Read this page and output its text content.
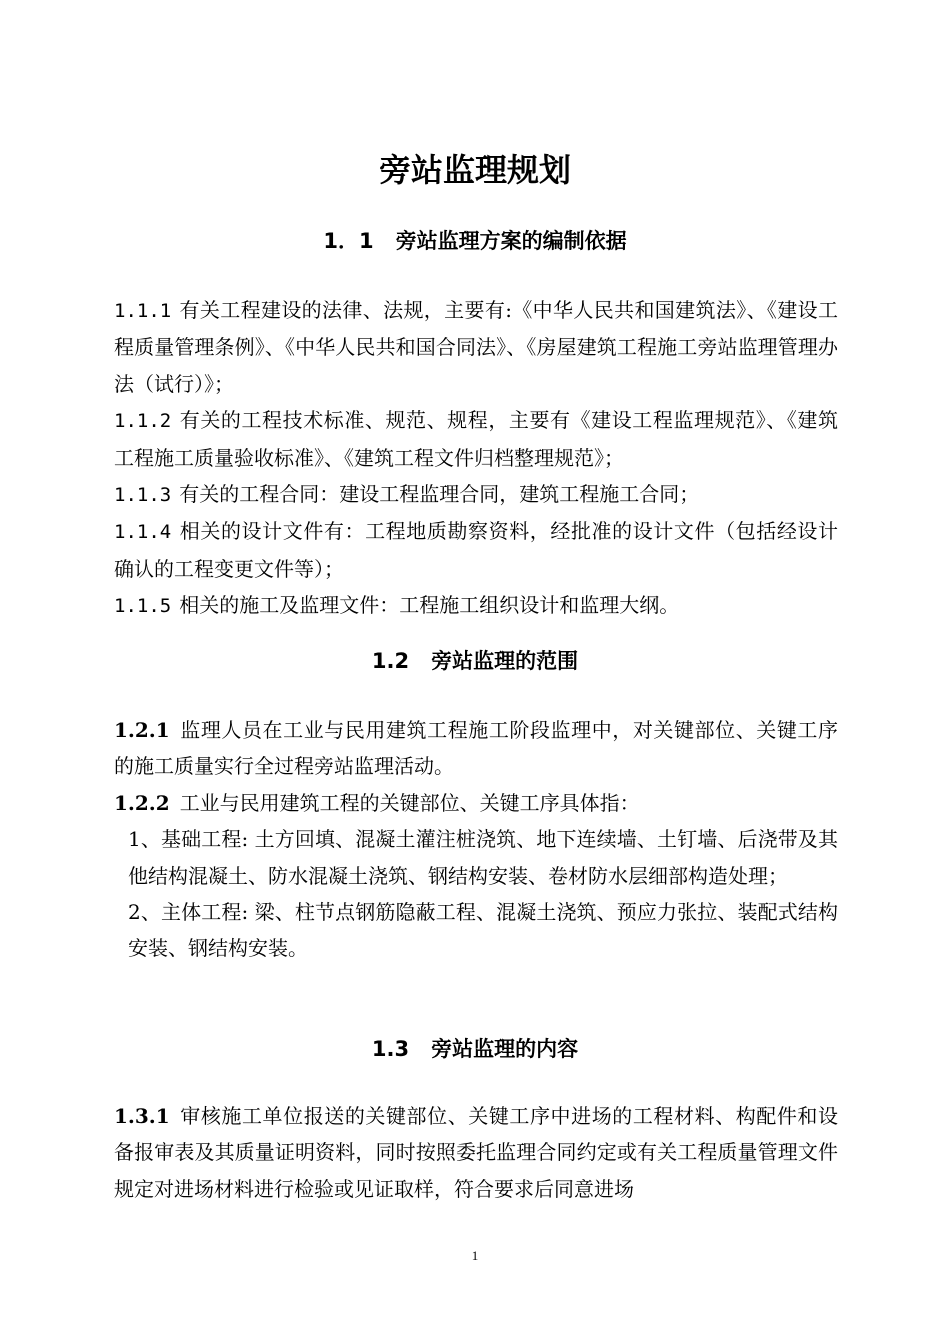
旁站监理规划
1．1 旁站监理方案的编制依据

1.1.1 有关工程建设的法律、法规，主要有:《中华人民共和国建筑法》、《建设工程质量管理条例》、《中华人民共和国合同法》、《房屋建筑工程施工旁站监理管理办法（试行）》；

1.1.2 有关的工程技术标准、规范、规程，主要有《建设工程监理规范》、《建筑工程施工质量验收标准》、《建筑工程文件归档整理规范》；

1.1.3 有关的工程合同：建设工程监理合同，建筑工程施工合同；

1.1.4 相关的设计文件有：工程地质勘察资料，经批准的设计文件（包括经设计确认的工程变更文件等）；

1.1.5 相关的施工及监理文件：工程施工组织设计和监理大纲。

1.2 旁站监理的范围

1.2.1 监理人员在工业与民用建筑工程施工阶段监理中，对关键部位、关键工序的施工质量实行全过程旁站监理活动。

1.2.2 工业与民用建筑工程的关键部位、关键工序具体指：

1、基础工程: 土方回填、混凝土灌注桩浇筑、地下连续墙、土钉墙、后浇带及其他结构混凝土、防水混凝土浇筑、钢结构安装、卷材防水层细部构造处理；

2、主体工程: 梁、柱节点钢筋隐蔽工程、混凝土浇筑、预应力张拉、装配式结构安装、钢结构安装。

1.3 旁站监理的内容

1.3.1 审核施工单位报送的关键部位、关键工序中进场的工程材料、构配件和设备报审表及其质量证明资料，同时按照委托监理合同约定或有关工程质量管理文件规定对进场材料进行检验或见证取样，符合要求后同意进场

1
